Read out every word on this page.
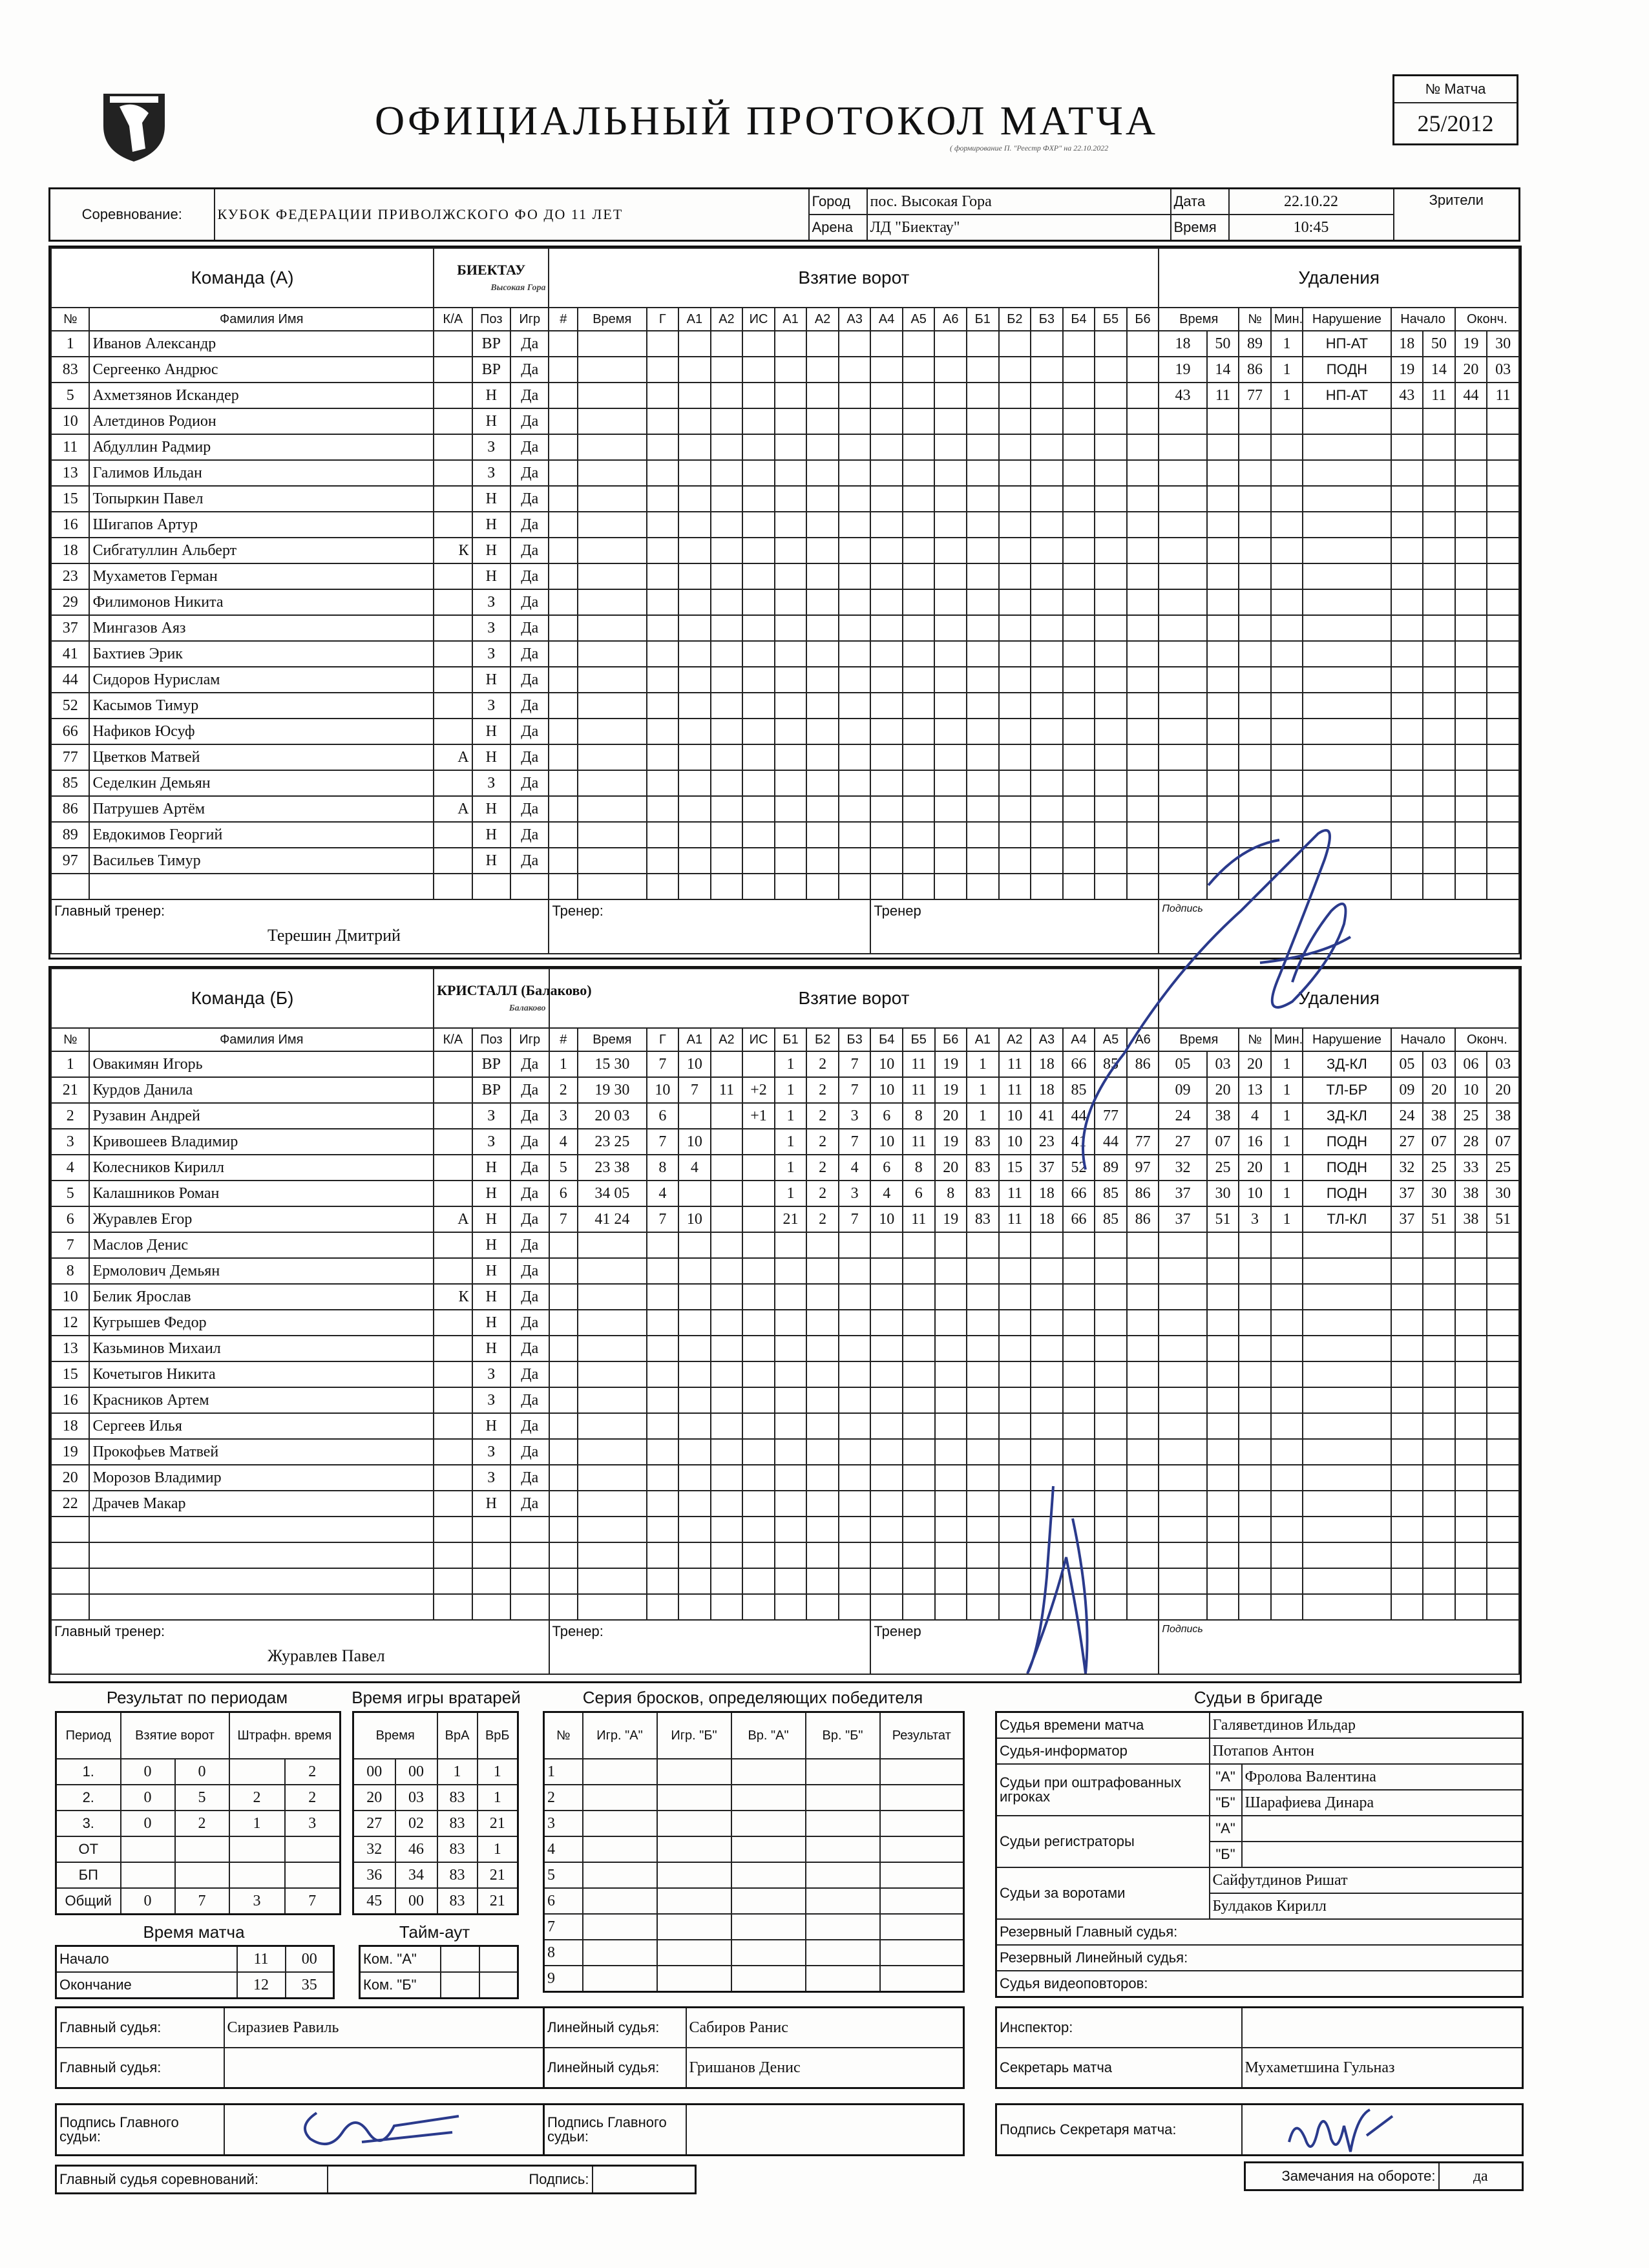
ОФИЦИАЛЬНЫЙ ПРОТОКОЛ МАТЧА
( формирование П. "Реестр ФХР" на 22.10.2022
№ Матча
25/2012
Соревнование:	КУБОК ФЕДЕРАЦИИ ПРИВОЛЖСКОГО ФО ДО 11 ЛЕТ	Город	пос. Высокая Гора	Дата	22.10.22	Зрители
		Арена	ЛД "Биектау"	Время	10:45	
Команда (А)		БИЕКТАУ
Высокая Гора			Взятие ворот																		Удаления								
№	Фамилия Имя	К/А	Поз	Игр	#	Время	Г	А1	А2	ИС	А1	А2	А3	А4	А5	А6	Б1	Б2	Б3	Б4	Б5	Б6	Время		№	Мин.	Нарушение	Начало		Оконч.	
1	Иванов Александр		ВР	Да																			18	50	89	1	НП-АТ	18	50	19	30
83	Сергеенко Андрюс		ВР	Да																			19	14	86	1	ПОДН	19	14	20	03
5	Ахметзянов Искандер		Н	Да																			43	11	77	1	НП-АТ	43	11	44	11
10	Алетдинов Родион		Н	Да																											
11	Абдуллин Радмир		З	Да																											
13	Галимов Ильдан		З	Да																											
15	Топыркин Павел		Н	Да																											
16	Шигапов Артур		Н	Да																											
18	Сибгатуллин Альберт	К	Н	Да																											
23	Мухаметов Герман		Н	Да																											
29	Филимонов Никита		З	Да																											
37	Мингазов Аяз		З	Да																											
41	Бахтиев Эрик		З	Да																											
44	Сидоров Нурислам		Н	Да																											
52	Касымов Тимур		З	Да																											
66	Нафиков Юсуф		Н	Да																											
77	Цветков Матвей	А	Н	Да																											
85	Седелкин Демьян		З	Да																											
86	Патрушев Артём	А	Н	Да																											
89	Евдокимов Георгий		Н	Да																											
97	Васильев Тимур		Н	Да																											

Главный тренер:
Терешин Дмитрий					Тренер:									Тренер									Подпись								
Команда (Б)		КРИСТАЛЛ (Балаково)
Балаково			Взятие ворот																		Удаления								
№	Фамилия Имя	К/А	Поз	Игр	#	Время	Г	А1	А2	ИС	Б1	Б2	Б3	Б4	Б5	Б6	А1	А2	А3	А4	А5	А6	Время		№	Мин.	Нарушение	Начало		Оконч.	
1	Овакимян Игорь		ВР	Да	1	15 30	7	10			1	2	7	10	11	19	1	11	18	66	85	86	05	03	20	1	ЗД-КЛ	05	03	06	03
21	Курдов Данила		ВР	Да	2	19 30	10	7	11	+2	1	2	7	10	11	19	1	11	18	85			09	20	13	1	ТЛ-БР	09	20	10	20
2	Рузавин Андрей		З	Да	3	20 03	6			+1	1	2	3	6	8	20	1	10	41	44	77		24	38	4	1	ЗД-КЛ	24	38	25	38
3	Кривошеев Владимир		З	Да	4	23 25	7	10			1	2	7	10	11	19	83	10	23	41	44	77	27	07	16	1	ПОДН	27	07	28	07
4	Колесников Кирилл		Н	Да	5	23 38	8	4			1	2	4	6	8	20	83	15	37	52	89	97	32	25	20	1	ПОДН	32	25	33	25
5	Калашников Роман		Н	Да	6	34 05	4				1	2	3	4	6	8	83	11	18	66	85	86	37	30	10	1	ПОДН	37	30	38	30
6	Журавлев Егор	А	Н	Да	7	41 24	7	10			21	2	7	10	11	19	83	11	18	66	85	86	37	51	3	1	ТЛ-КЛ	37	51	38	51
7	Маслов Денис		Н	Да																											
8	Ермолович Демьян		Н	Да																											
10	Белик Ярослав	К	Н	Да																											
12	Кугрышев Федор		Н	Да																											
13	Казьминов Михаил		Н	Да																											
15	Кочетыгов Никита		З	Да																											
16	Красников Артем		З	Да																											
18	Сергеев Илья		Н	Да																											
19	Прокофьев Матвей		З	Да																											
20	Морозов Владимир		З	Да																											
22	Драчев Макар		Н	Да																											

Главный тренер:
Журавлев Павел					Тренер:									Тренер									Подпись								
Результат по периодам
Период	Взятие ворот		Штрафн. время	
1.	0	0		2
2.	0	5	2	2
3.	0	2	1	3
ОТ				
БП				
Общий	0	7	3	7
Время игры вратарей
Время		ВрА	ВрБ
00	00	1	1
20	03	83	1
27	02	83	21
32	46	83	1
36	34	83	21
45	00	83	21
Время матча
Начало	11	00
Окончание	12	35
Тайм-аут
Ком. "А"		
Ком. "Б"		
Серия бросков, определяющих победителя
№	Игр. "А"	Игр. "Б"	Вр. "А"	Вр. "Б"	Результат
1					
2					
3					
4					
5					
6					
7					
8					
9					
Судьи в бригаде
Судья времени матча	Галяветдинов Ильдар	
Судья-информатор	Потапов Антон	
Судьи при оштрафованных игроках	"А"	Фролова Валентина
	"Б"	Шарафиева Динара
Судьи регистраторы	"А"	
	"Б"	
Судьи за воротами	Сайфутдинов Ришат	
	Булдаков Кирилл	
Резервный Главный судья:		
Резервный Линейный судья:		
Судья видеоповторов:		
Главный судья:	Сиразиев Равиль
Главный судья:	
Линейный судья:	Сабиров Ранис
Линейный судья:	Гришанов Денис
Инспектор:	
Секретарь матча	Мухаметшина Гульназ
Подпись Главного судьи:	
Подпись Главного судьи:		Подпись Секретаря матча:	
Главный судья соревнований:	Подпись:		Замечания на обороте:	да
